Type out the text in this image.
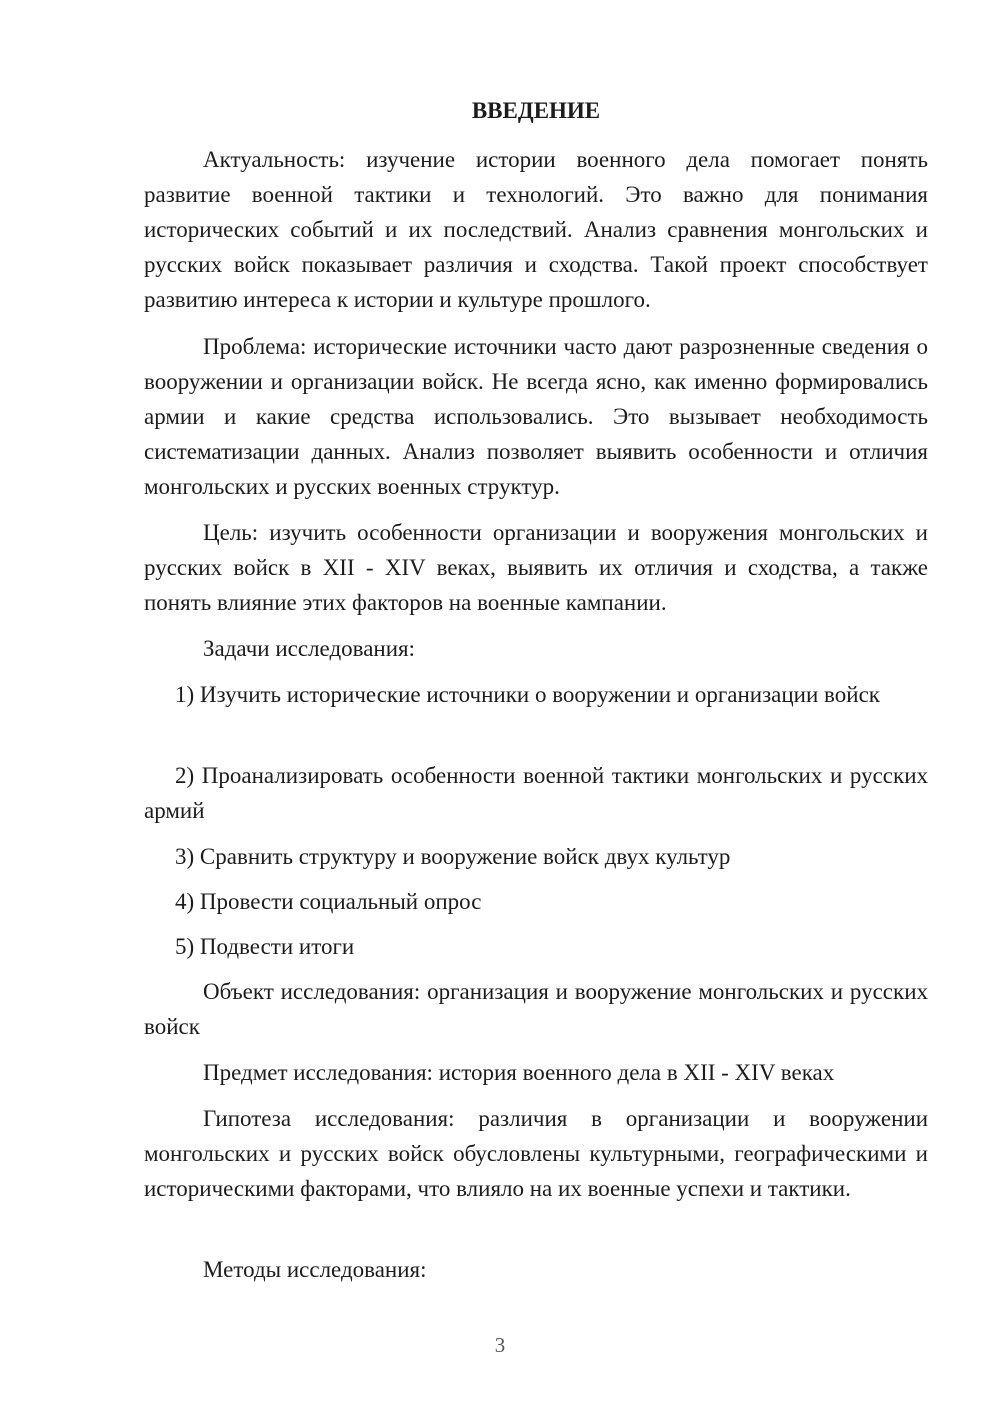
ВВЕДЕНИЕ

Актуальность: изучение истории военного дела помогает понять развитие военной тактики и технологий. Это важно для понимания исторических событий и их последствий. Анализ сравнения монгольских и русских войск показывает различия и сходства. Такой проект способствует развитию интереса к истории и культуре прошлого.

Проблема: исторические источники часто дают разрозненные сведения о вооружении и организации войск. Не всегда ясно, как именно формировались армии и какие средства использовались. Это вызывает необходимость систематизации данных. Анализ позволяет выявить особенности и отличия монгольских и русских военных структур.

Цель: изучить особенности организации и вооружения монгольских и русских войск в XII - XIV веках, выявить их отличия и сходства, а также понять влияние этих факторов на военные кампании.

Задачи исследования:

1) Изучить исторические источники о вооружении и организации войск

2) Проанализировать особенности военной тактики монгольских и русских армий

3) Сравнить структуру и вооружение войск двух культур

4) Провести социальный опрос

5) Подвести итоги

Объект исследования: организация и вооружение монгольских и русских войск

Предмет исследования: история военного дела в XII - XIV веках

Гипотеза исследования: различия в организации и вооружении монгольских и русских войск обусловлены культурными, географическими и историческими факторами, что влияло на их военные успехи и тактики.

Методы исследования:

3
